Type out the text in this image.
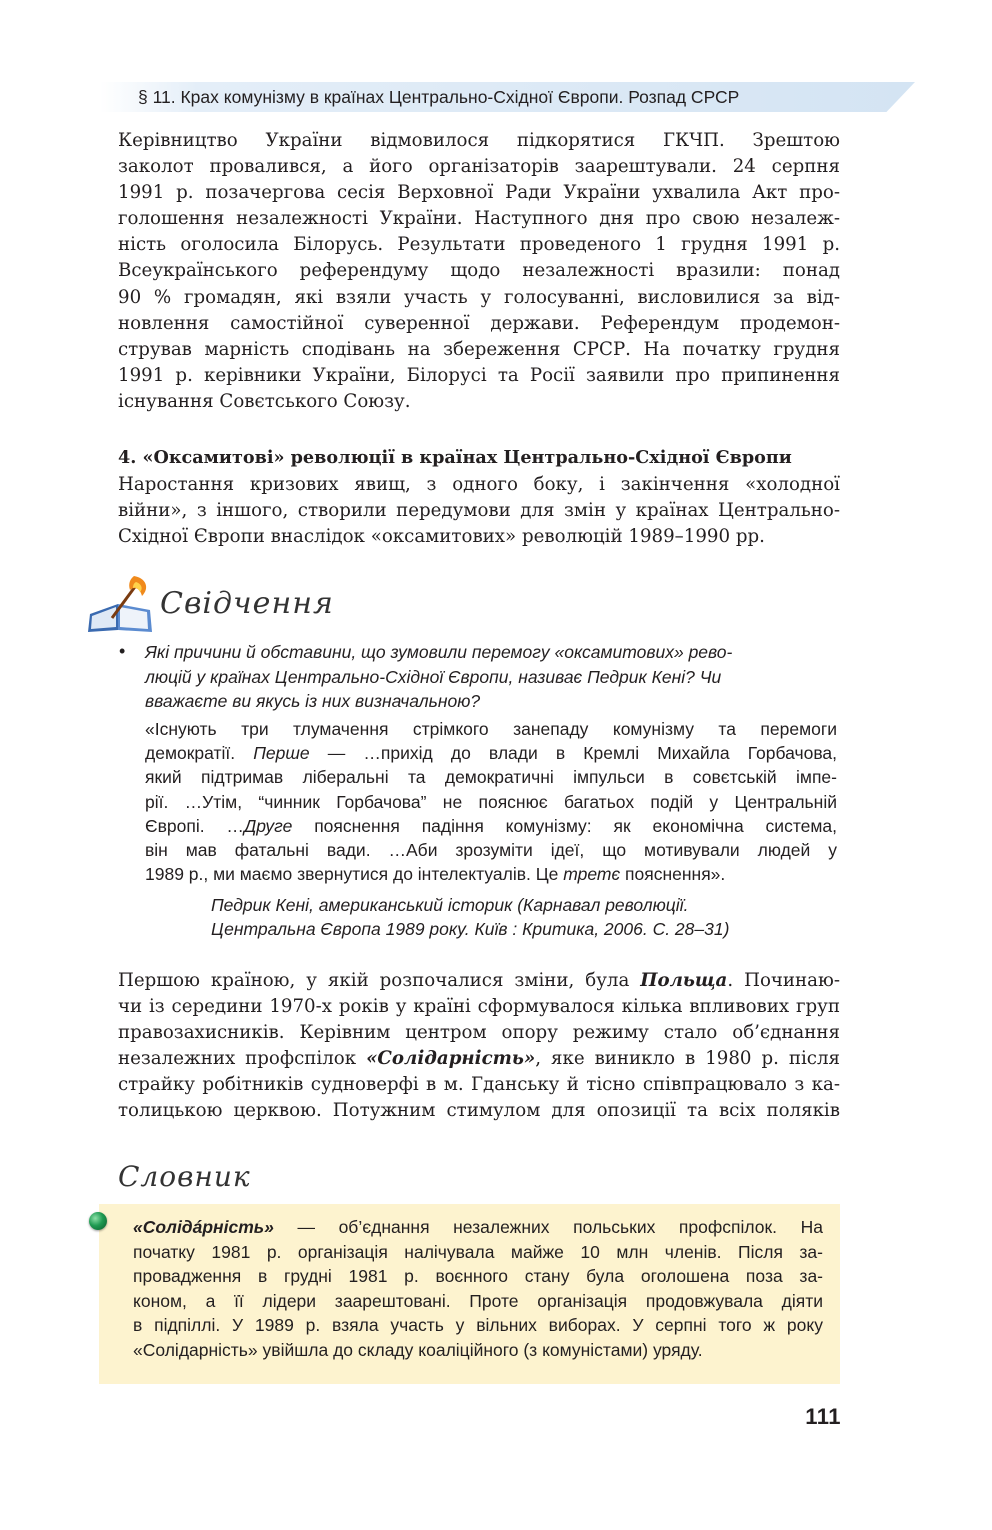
§ 11. Крах комунізму в країнах Центрально-Східної Європи. Розпад СРСР

Керівництво України відмовилося підкорятися ГКЧП. Зрештою

заколот провалився, а його організаторів заарештували. 24 серпня

1991 р. позачергова сесія Верховної Ради України ухвалила Акт про-

голошення незалежності України. Наступного дня про свою незалеж-

ність оголосила Білорусь. Результати проведеного 1 грудня 1991 р.

Всеукраїнського референдуму щодо незалежності вразили: понад

90 % громадян, які взяли участь у голосуванні, висловилися за від-

новлення самостійної суверенної держави. Референдум продемон-

стрував марність сподівань на збереження СРСР. На початку грудня

1991 р. керівники України, Білорусі та Росії заявили про припинення

існування Совєтського Союзу.

4. «Оксамитові» революції в країнах Центрально-Східної Європи

Наростання кризових явищ, з одного боку, і закінчення «холодної

війни», з іншого, створили передумови для змін у країнах Центрально-

Східної Європи внаслідок «оксамитових» революцій 1989–1990 рр.

Свідчення
• Які причини й обставини, що зумовили перемогу «оксамитових» рево-
люцій у країнах Центрально-Східної Європи, називає Педрик Кені? Чи
вважаєте ви якусь із них визначальною?
«Існують три тлумачення стрімкого занепаду комунізму та перемоги
демократії. Перше — …прихід до влади в Кремлі Михайла Горбачова,
який підтримав ліберальні та демократичні імпульси в совєтській імпе-
рії. …Утім, “чинник Горбачова” не пояснює багатьох подій у Центральній
Європі. …Друге пояснення падіння комунізму: як економічна система,
він мав фатальні вади. …Аби зрозуміти ідеї, що мотивували людей у
1989 р., ми маємо звернутися до інтелектуалів. Це третє пояснення».
Педрик Кені, американський історик (Карнавал революції.
Центральна Європа 1989 року. Київ : Критика, 2006. С. 28–31)

Першою країною, у якій розпочалися зміни, була Польща. Починаю-

чи із середини 1970-х років у країні сформувалося кілька впливових груп

правозахисників. Керівним центром опору режиму стало об’єднання

незалежних профспілок «Солідарність», яке виникло в 1980 р. після

страйку робітників судноверфі в м. Гданську й тісно співпрацювало з ка-

толицькою церквою. Потужним стимулом для опозиції та всіх поляків

Словник
«Солідáрність» — об’єднання незалежних польських профспілок. На
початку 1981 р. організація налічувала майже 10 млн членів. Після за-
провадження в грудні 1981 р. воєнного стану була оголошена поза за-
коном, а її лідери заарештовані. Проте організація продовжувала діяти
в підпіллі. У 1989 р. взяла участь у вільних виборах. У серпні того ж року
«Солідарність» увійшла до складу коаліційного (з комуністами) уряду.
111
